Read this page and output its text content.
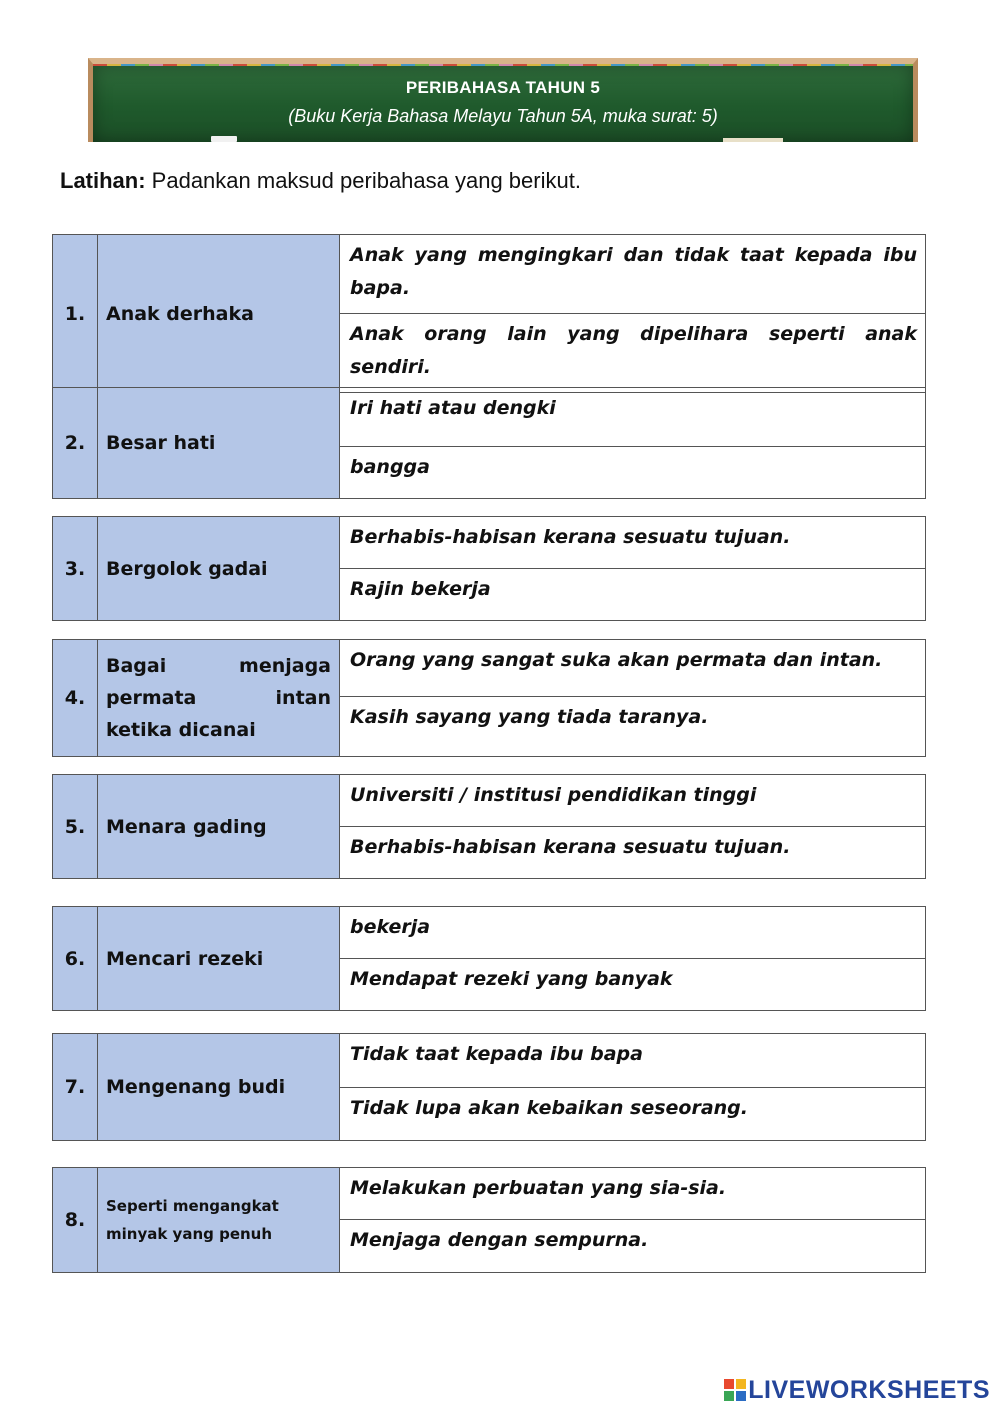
PERIBAHASA TAHUN 5
(Buku Kerja Bahasa Melayu Tahun 5A, muka surat: 5)
Latihan: Padankan maksud peribahasa yang berikut.
1.	Anak derhaka	Anak yang mengingkari dan tidak taat kepada ibu bapa.
Anak orang lain yang dipelihara seperti anak sendiri.
2.	Besar hati	Iri hati atau dengki
bangga
3.	Bergolok gadai	Berhabis-habisan kerana sesuatu tujuan.
Rajin bekerja
4.	Bagai menjaga permata intan ketika dicanai	Orang yang sangat suka akan permata dan intan.
Kasih sayang yang tiada taranya.
5.	Menara gading	Universiti / institusi pendidikan tinggi
Berhabis-habisan kerana sesuatu tujuan.
6.	Mencari rezeki	bekerja
Mendapat rezeki yang banyak
7.	Mengenang budi	Tidak taat kepada ibu bapa
Tidak lupa akan kebaikan seseorang.
8.	Seperti mengangkat minyak yang penuh	Melakukan perbuatan yang sia-sia.
Menjaga dengan sempurna.
LIVEWORKSHEETS
